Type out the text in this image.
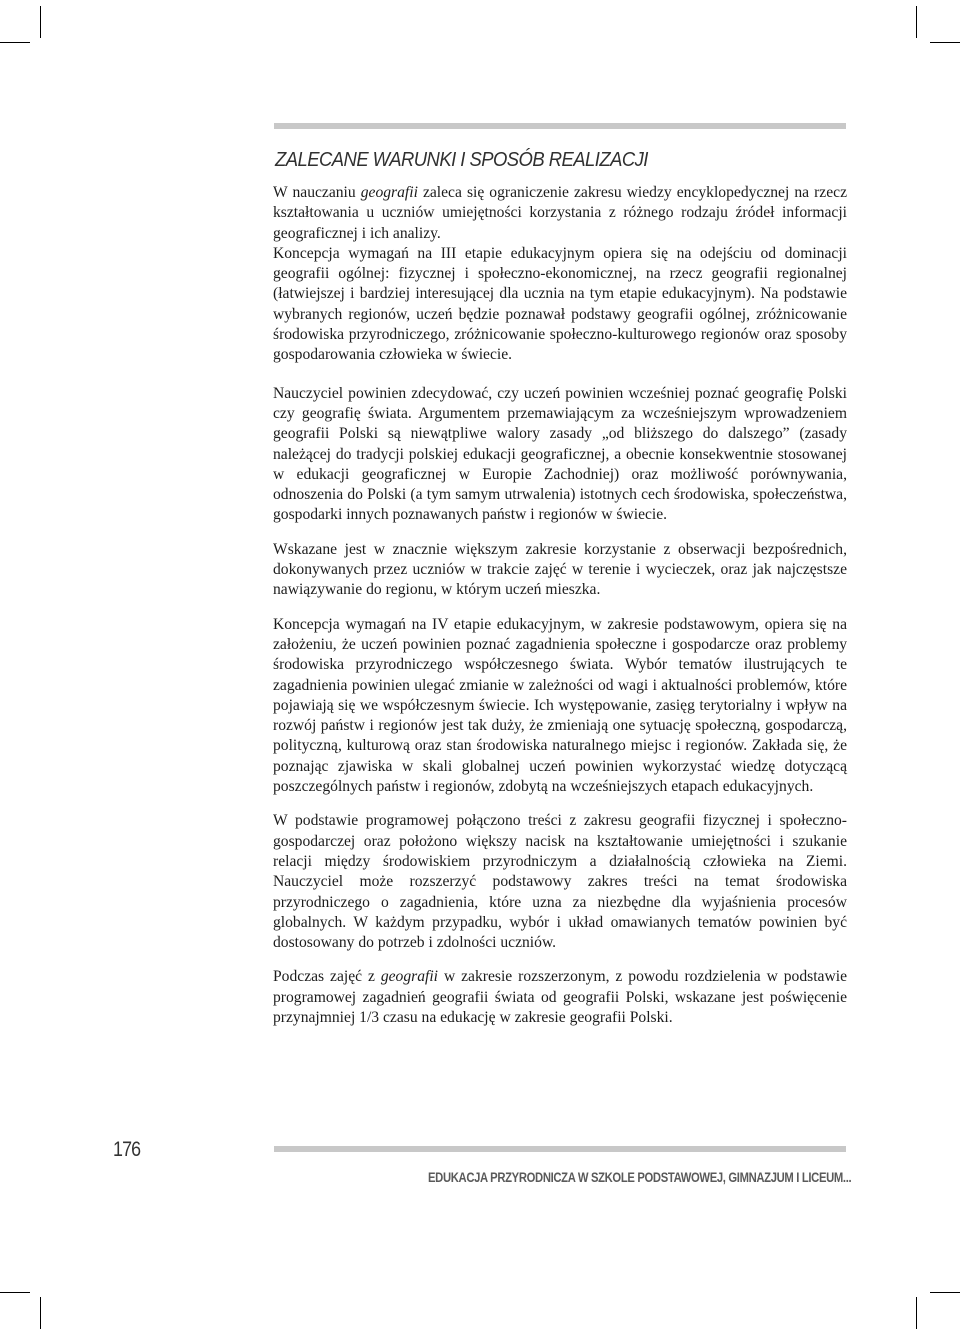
ZALECANE WARUNKI I SPOSÓB REALIZACJI

W nauczaniu geografii zaleca się ograniczenie zakresu wiedzy encyklopedycznej na rzecz kształtowania u uczniów umiejętności korzystania z różnego rodzaju źródeł informacji geograficznej i ich analizy.

Koncepcja wymagań na III etapie edukacyjnym opiera się na odejściu od dominacji geografii ogólnej: fizycznej i społeczno-ekonomicznej, na rzecz geografii regionalnej (łatwiejszej i bardziej interesującej dla ucznia na tym etapie edukacyjnym). Na podstawie wybranych regionów, uczeń będzie poznawał podstawy geografii ogólnej, zróżnicowanie środowiska przyrodniczego, zróżnicowanie społeczno-kulturowego regionów oraz sposoby gospodarowania człowieka w świecie.

Nauczyciel powinien zdecydować, czy uczeń powinien wcześniej poznać geografię Polski czy geografię świata. Argumentem przemawiającym za wcześniejszym wprowadzeniem geografii Polski są niewątpliwe walory zasady „od bliższego do dalszego” (zasady należącej do tradycji polskiej edukacji geograficznej, a obecnie konsekwentnie stosowanej w edukacji geograficznej w Europie Zachodniej) oraz możliwość porównywania, odnoszenia do Polski (a tym samym utrwalenia) istotnych cech środowiska, społeczeństwa, gospodarki innych poznawanych państw i regionów w świecie.

Wskazane jest w znacznie większym zakresie korzystanie z obserwacji bezpośrednich, dokonywanych przez uczniów w trakcie zajęć w terenie i wycieczek, oraz jak najczęstsze nawiązywanie do regionu, w którym uczeń mieszka.

Koncepcja wymagań na IV etapie edukacyjnym, w zakresie podstawowym, opiera się na założeniu, że uczeń powinien poznać zagadnienia społeczne i gospodarcze oraz problemy środowiska przyrodniczego współczesnego świata. Wybór tematów ilustrujących te zagadnienia powinien ulegać zmianie w zależności od wagi i aktualności problemów, które pojawiają się we współczesnym świecie. Ich występowanie, zasięg terytorialny i wpływ na rozwój państw i regionów jest tak duży, że zmieniają one sytuację społeczną, gospodarczą, polityczną, kulturową oraz stan środowiska naturalnego miejsc i regionów. Zakłada się, że poznając zjawiska w skali globalnej uczeń powinien wykorzystać wiedzę dotyczącą poszczególnych państw i regionów, zdobytą na wcześniejszych etapach edukacyjnych.

W podstawie programowej połączono treści z zakresu geografii fizycznej i społeczno-gospodarczej oraz położono większy nacisk na kształtowanie umiejętności i szukanie relacji między środowiskiem przyrodniczym a działalnością człowieka na Ziemi. Nauczyciel może rozszerzyć podstawowy zakres treści na temat środowiska przyrodniczego o zagadnienia, które uzna za niezbędne dla wyjaśnienia procesów globalnych. W każdym przypadku, wybór i układ omawianych tematów powinien być dostosowany do potrzeb i zdolności uczniów.

Podczas zajęć z geografii w zakresie rozszerzonym, z powodu rozdzielenia w podstawie programowej zagadnień geografii świata od geografii Polski, wskazane jest poświęcenie przynajmniej 1/3 czasu na edukację w zakresie geografii Polski.

176
EDUKACJA PRZYRODNICZA W SZKOLE PODSTAWOWEJ, GIMNAZJUM I LICEUM...
